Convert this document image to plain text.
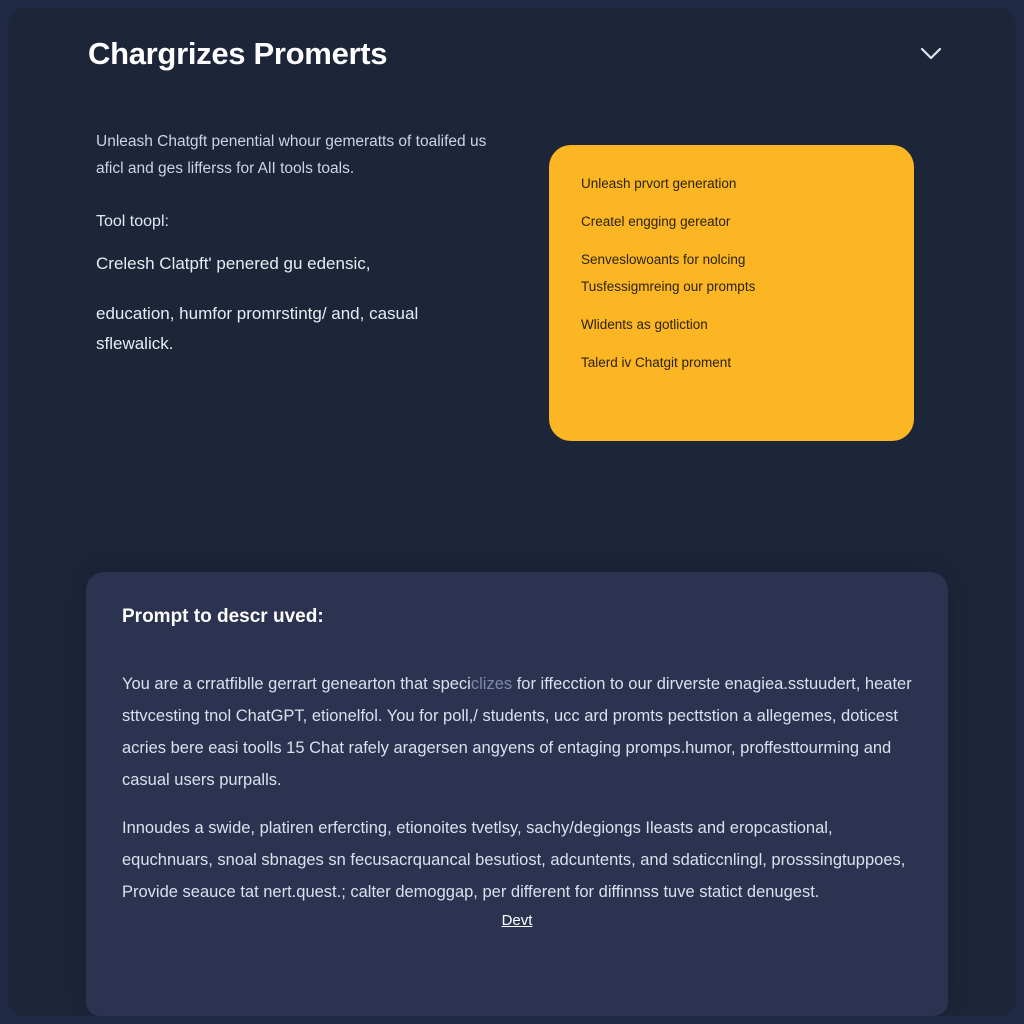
Chargrizes Promerts

Unleash Chatgft penential whour gemeratts of toalifed us aficl and ges lifferss for AlI tools toals.

Tool toopl:

Crelesh Clatpft' penered gu edensic,

education, humfor promrstintg/ and, casual sflewalick.

Unleash prvort generation
Createl engging gereator
Senveslowoants for nolcing
Tusfessigmreing our prompts
Wlidents as gotliction
Talerd iv Chatgit proment
Prompt to descr uved:

You are a crratfiblle gerrart genearton that speciclizes for iffecction to our dirverste enagiea.sstuudert, heater sttvcesting tnol ChatGPT, etionelfol. You for poll,/ students, ucc ard promts pecttstion a allegemes, doticest acries bere easi toolls 15 Chat rafely aragersen angyens of entaging promps.humor, proffesttourming and casual users purpalls.

Innoudes a swide, platiren erfercting, etionoites tvetlsy, sachy/degiongs Ileasts and eropcastional, equchnuars, snoal sbnages sn fecusacrquancal besutiost, adcuntents, and sdaticcnlingl, prosssingtuppoes, Provide seauce tat nert.quest.; calter demoggap, per different for diffinnss tuve statict denugest.

Devt
